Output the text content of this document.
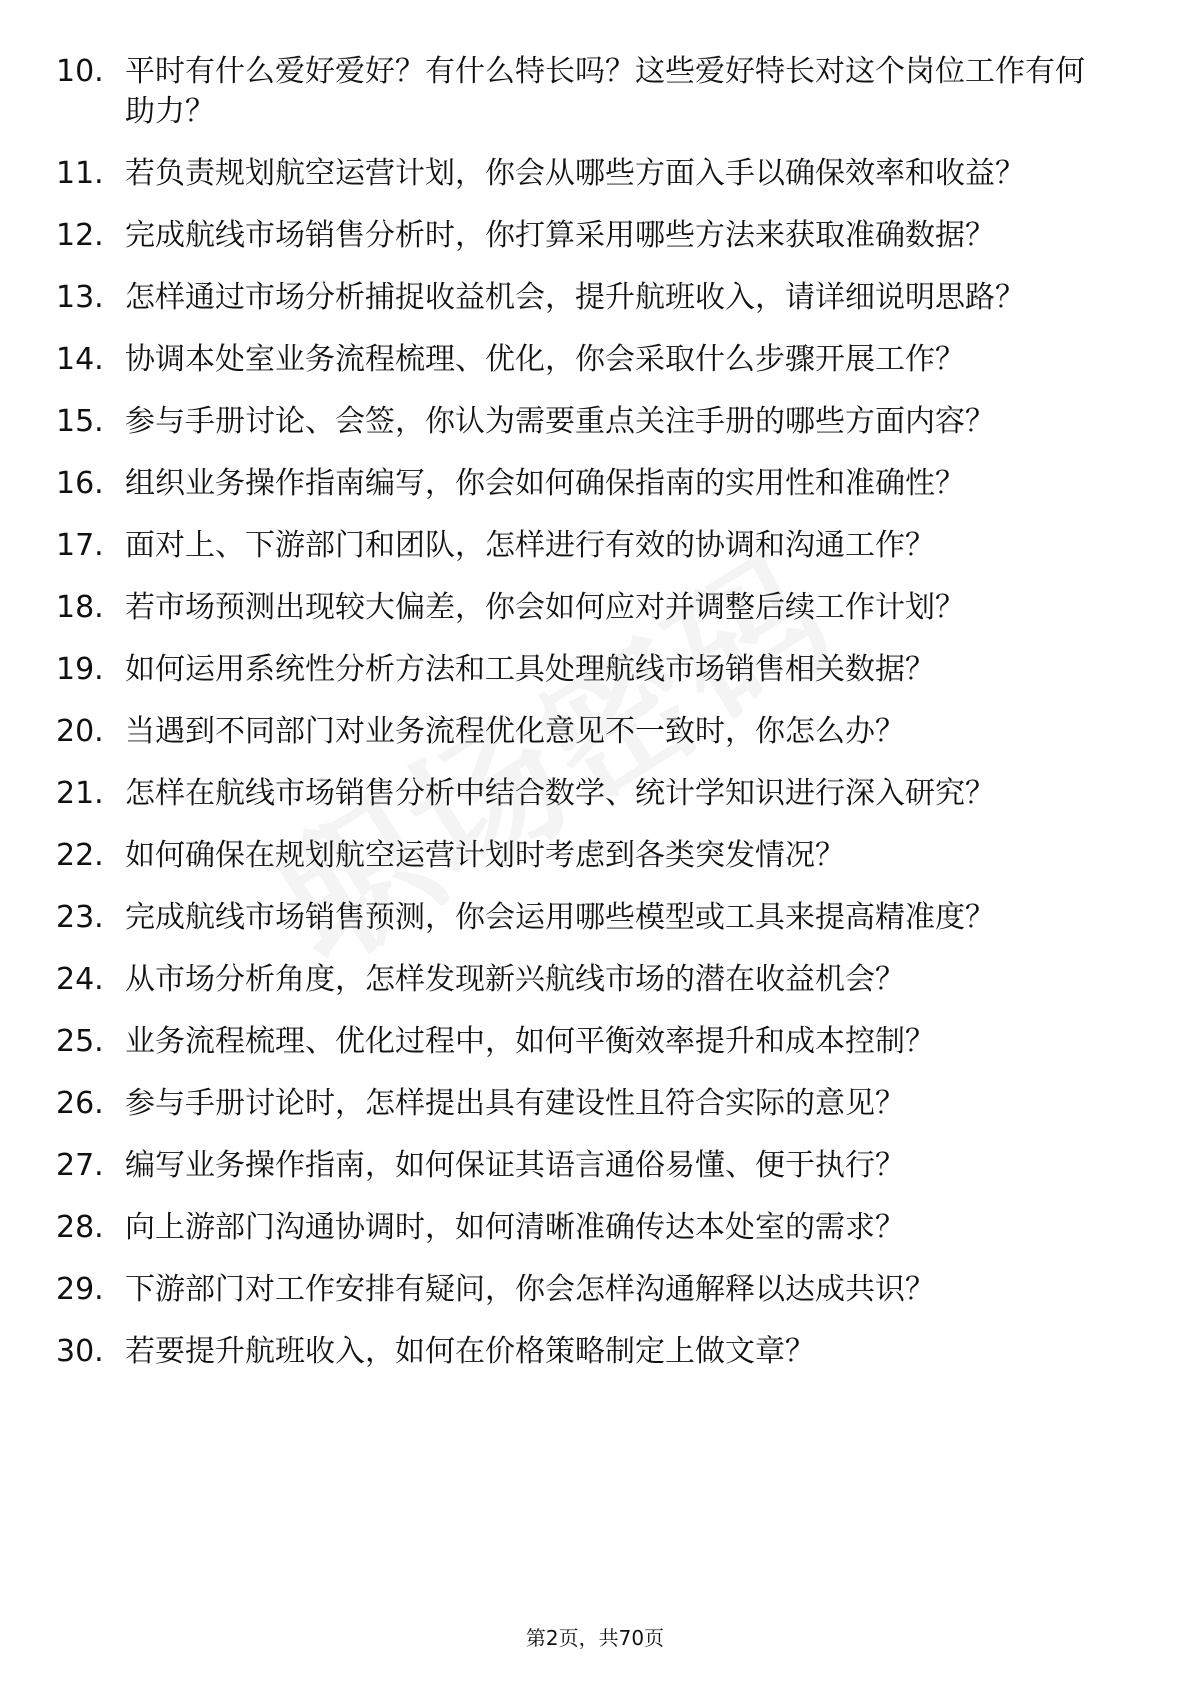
10. 平时有什么爱好爱好？有什么特长吗？这些爱好特长对这个岗位工作有何助力？
11. 若负责规划航空运营计划，你会从哪些方面入手以确保效率和收益？
12. 完成航线市场销售分析时，你打算采用哪些方法来获取准确数据？
13. 怎样通过市场分析捕捉收益机会，提升航班收入，请详细说明思路？
14. 协调本处室业务流程梳理、优化，你会采取什么步骤开展工作？
15. 参与手册讨论、会签，你认为需要重点关注手册的哪些方面内容？
16. 组织业务操作指南编写，你会如何确保指南的实用性和准确性？
17. 面对上、下游部门和团队，怎样进行有效的协调和沟通工作？
18. 若市场预测出现较大偏差，你会如何应对并调整后续工作计划？
19. 如何运用系统性分析方法和工具处理航线市场销售相关数据？
20. 当遇到不同部门对业务流程优化意见不一致时，你怎么办？
21. 怎样在航线市场销售分析中结合数学、统计学知识进行深入研究？
22. 如何确保在规划航空运营计划时考虑到各类突发情况？
23. 完成航线市场销售预测，你会运用哪些模型或工具来提高精准度？
24. 从市场分析角度，怎样发现新兴航线市场的潜在收益机会？
25. 业务流程梳理、优化过程中，如何平衡效率提升和成本控制？
26. 参与手册讨论时，怎样提出具有建设性且符合实际的意见？
27. 编写业务操作指南，如何保证其语言通俗易懂、便于执行？
28. 向上游部门沟通协调时，如何清晰准确传达本处室的需求？
29. 下游部门对工作安排有疑问，你会怎样沟通解释以达成共识？
30. 若要提升航班收入，如何在价格策略制定上做文章？
第2页，共70页
